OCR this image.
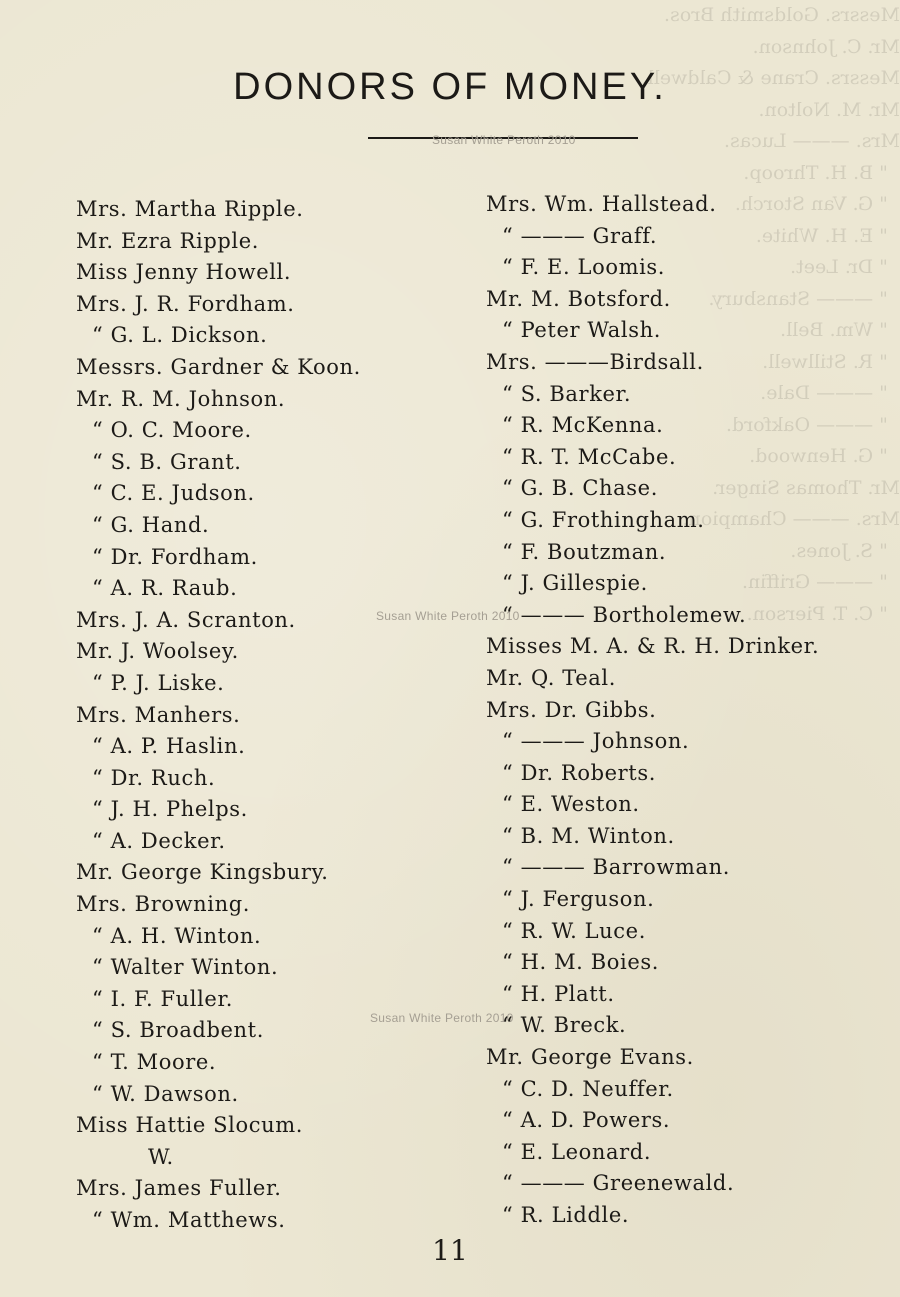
Messrs. Goldsmith Bros.
Mr. C. Johnson.
Messrs. Crane & Caldwell.
Mr. M. Nolton.
Mrs. ——— Lucas.
" B. H. Throop.
" G. Van Storch.
" E. H. White.
" Dr. Leet.
" ——— Stansbury.
" Wm. Bell.
" R. Stillwell.
" ——— Dale.
" ——— Oakford.
" G. Henwood.
Mr. Thomas Singer.
Mrs. ——— Champion.
" S. Jones.
" ——— Griffin.
" C. T. Pierson.
DONORS OF MONEY.
Susan White Peroth 2010
Susan White Peroth 2010
Susan White Peroth 2010
Mrs. Martha Ripple.
Mr. Ezra Ripple.
Miss Jenny Howell.
Mrs. J. R. Fordham.
“ G. L. Dickson.
Messrs. Gardner & Koon.
Mr. R. M. Johnson.
“ O. C. Moore.
“ S. B. Grant.
“ C. E. Judson.
“ G. Hand.
“ Dr. Fordham.
“ A. R. Raub.
Mrs. J. A. Scranton.
Mr. J. Woolsey.
“ P. J. Liske.
Mrs. Manhers.
“ A. P. Haslin.
“ Dr. Ruch.
“ J. H. Phelps.
“ A. Decker.
Mr. George Kingsbury.
Mrs. Browning.
“ A. H. Winton.
“ Walter Winton.
“ I. F. Fuller.
“ S. Broadbent.
“ T. Moore.
“ W. Dawson.
Miss Hattie Slocum.
W.
Mrs. James Fuller.
“ Wm. Matthews.
Mrs. Wm. Hallstead.
“ ——— Graff.
“ F. E. Loomis.
Mr. M. Botsford.
“ Peter Walsh.
Mrs. ———Birdsall.
“ S. Barker.
“ R. McKenna.
“ R. T. McCabe.
“ G. B. Chase.
“ G. Frothingham.
“ F. Boutzman.
“ J. Gillespie.
“ ——— Bortholemew.
Misses M. A. & R. H. Drinker.
Mr. Q. Teal.
Mrs. Dr. Gibbs.
“ ——— Johnson.
“ Dr. Roberts.
“ E. Weston.
“ B. M. Winton.
“ ——— Barrowman.
“ J. Ferguson.
“ R. W. Luce.
“ H. M. Boies.
“ H. Platt.
“ W. Breck.
Mr. George Evans.
“ C. D. Neuffer.
“ A. D. Powers.
“ E. Leonard.
“ ——— Greenewald.
“ R. Liddle.
11
